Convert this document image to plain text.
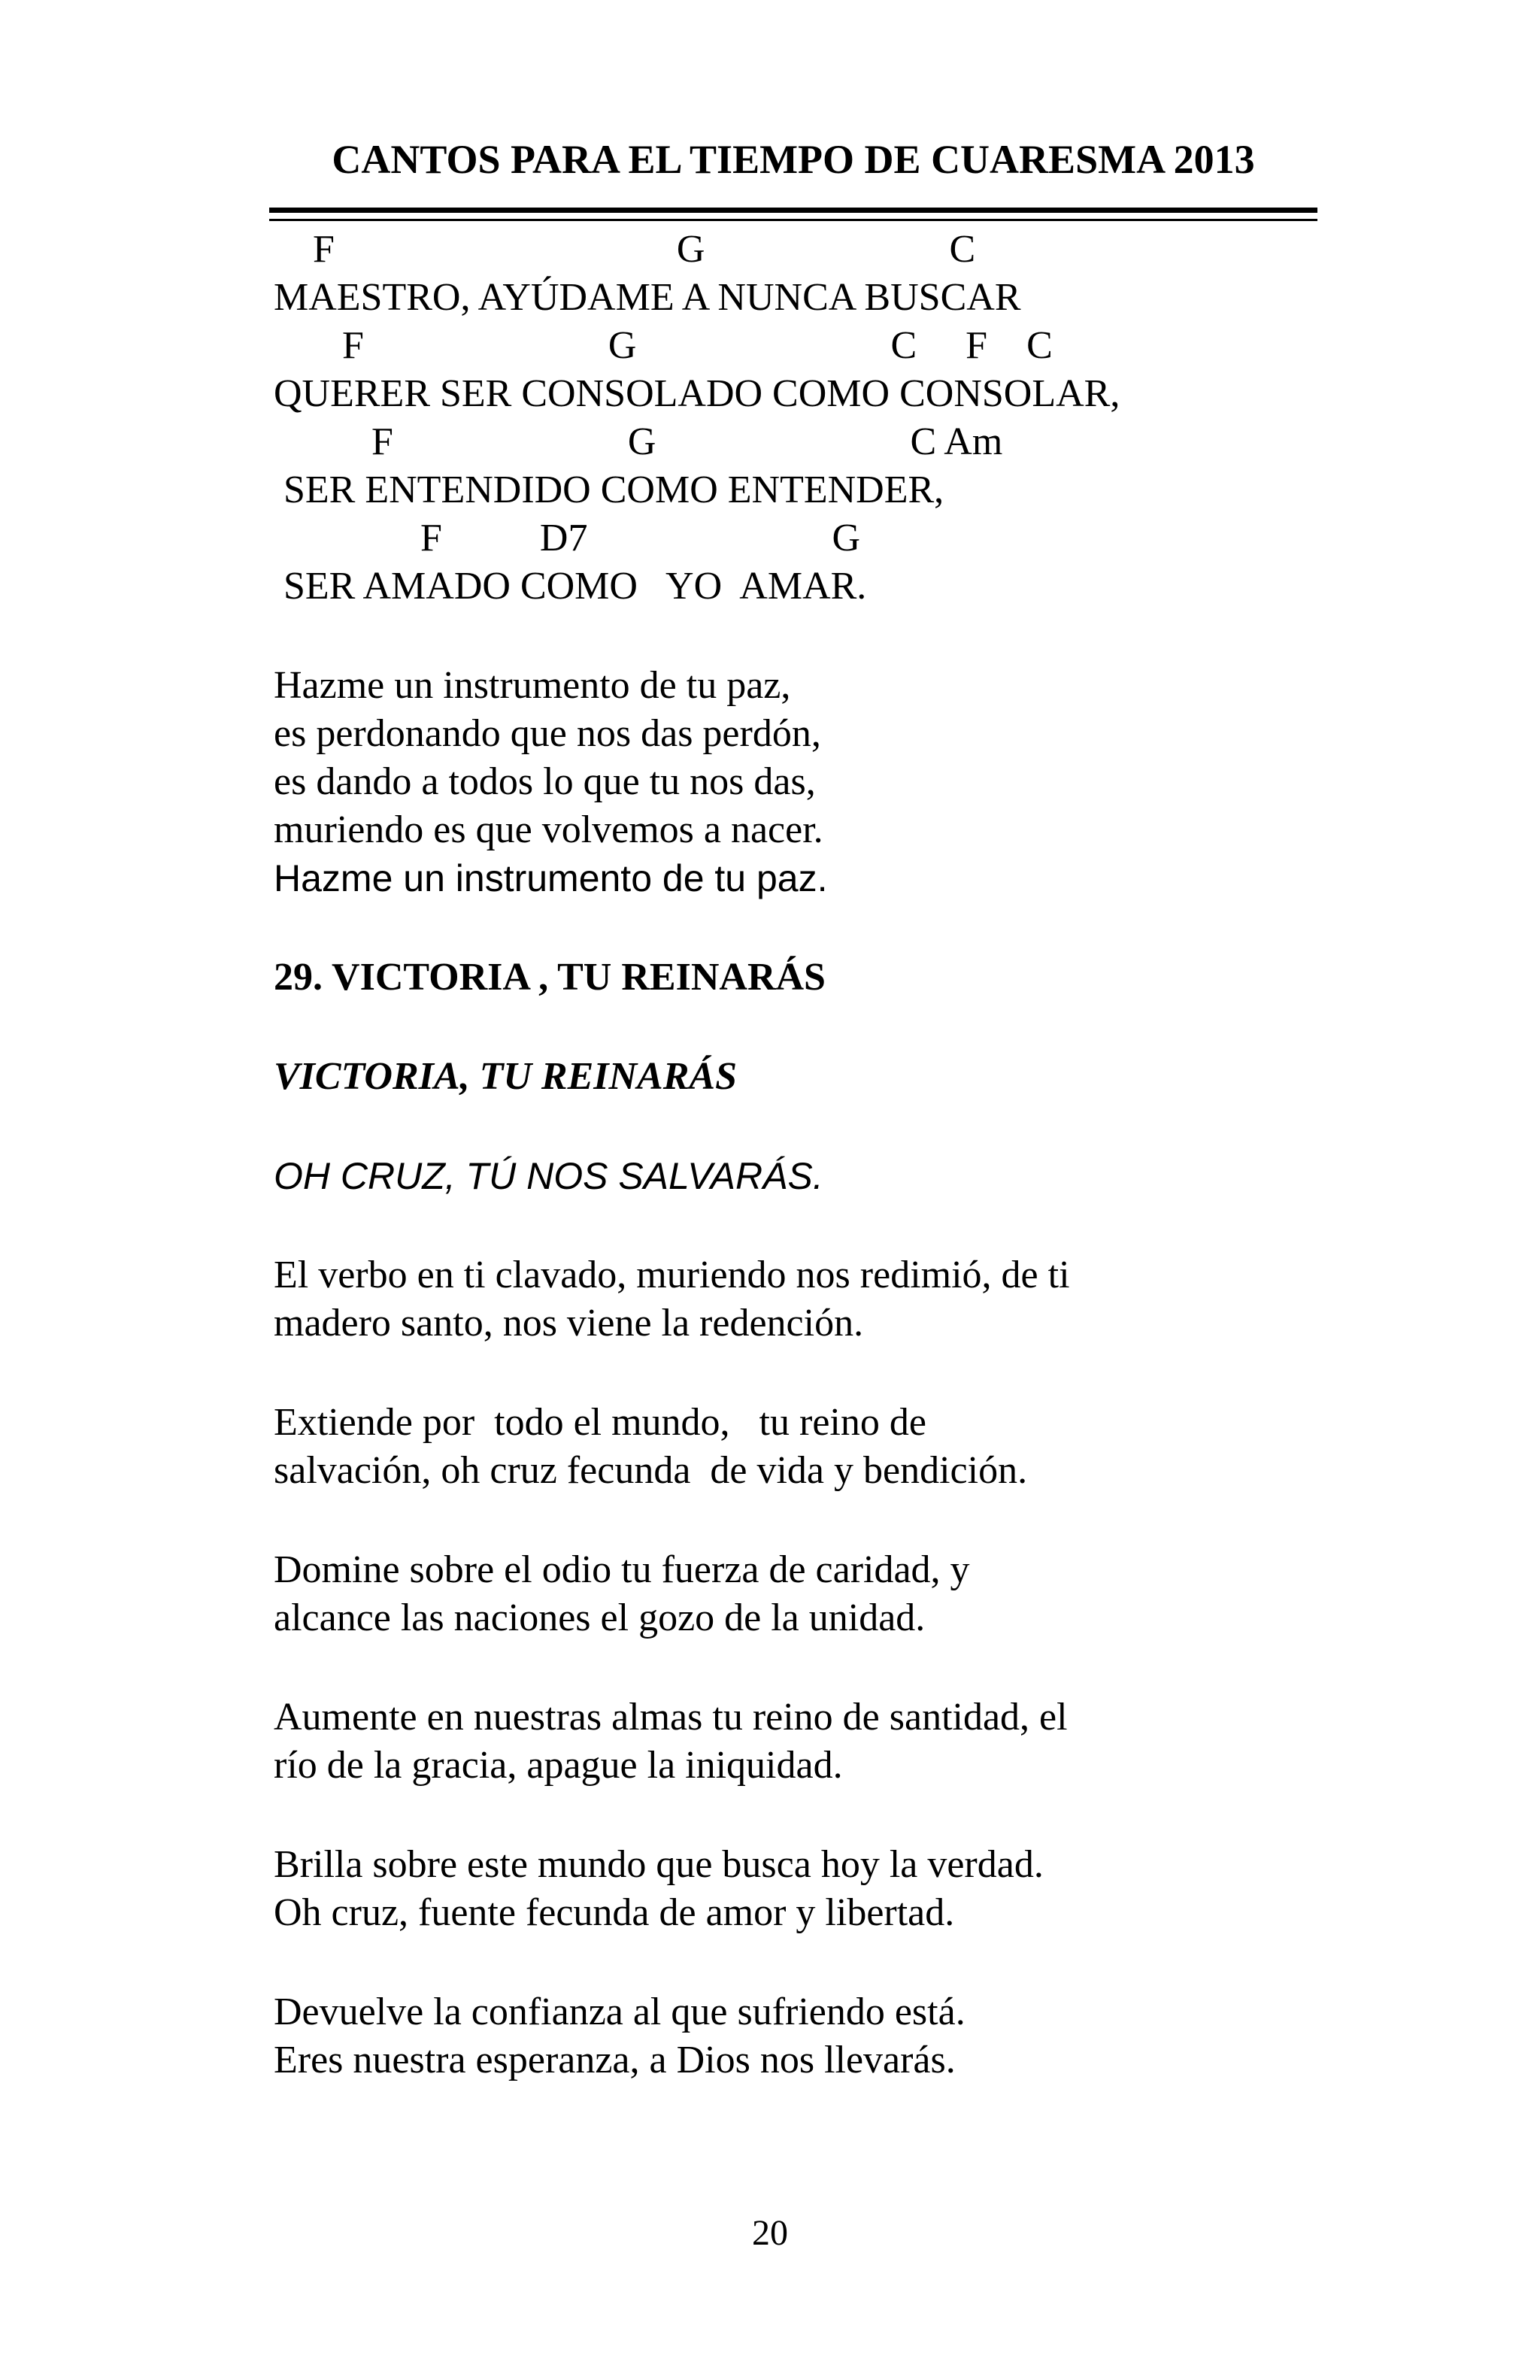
CANTOS PARA EL TIEMPO DE CUARESMA 2013
F                                   G                         C
MAESTRO, AYÚDAME A NUNCA BUSCAR
F                         G                          C     F    C
QUERER SER CONSOLADO COMO CONSOLAR,
F                        G                          C Am
SER ENTENDIDO COMO ENTENDER,
F          D7                         G
SER AMADO COMO   YO  AMAR.
Hazme un instrumento de tu paz,
es perdonando que nos das perdón,
es dando a todos lo que tu nos das,
muriendo es que volvemos a nacer.
Hazme un instrumento de tu paz.
29. VICTORIA , TU REINARÁS
VICTORIA, TU REINARÁS
OH CRUZ, TÚ NOS SALVARÁS.
El verbo en ti clavado, muriendo nos redimió, de ti
madero santo, nos viene la redención.
Extiende por  todo el mundo,   tu reino de
salvación, oh cruz fecunda  de vida y bendición.
Domine sobre el odio tu fuerza de caridad, y
alcance las naciones el gozo de la unidad.
Aumente en nuestras almas tu reino de santidad, el
río de la gracia, apague la iniquidad.
Brilla sobre este mundo que busca hoy la verdad.
Oh cruz, fuente fecunda de amor y libertad.
Devuelve la confianza al que sufriendo está.
Eres nuestra esperanza, a Dios nos llevarás.
20
